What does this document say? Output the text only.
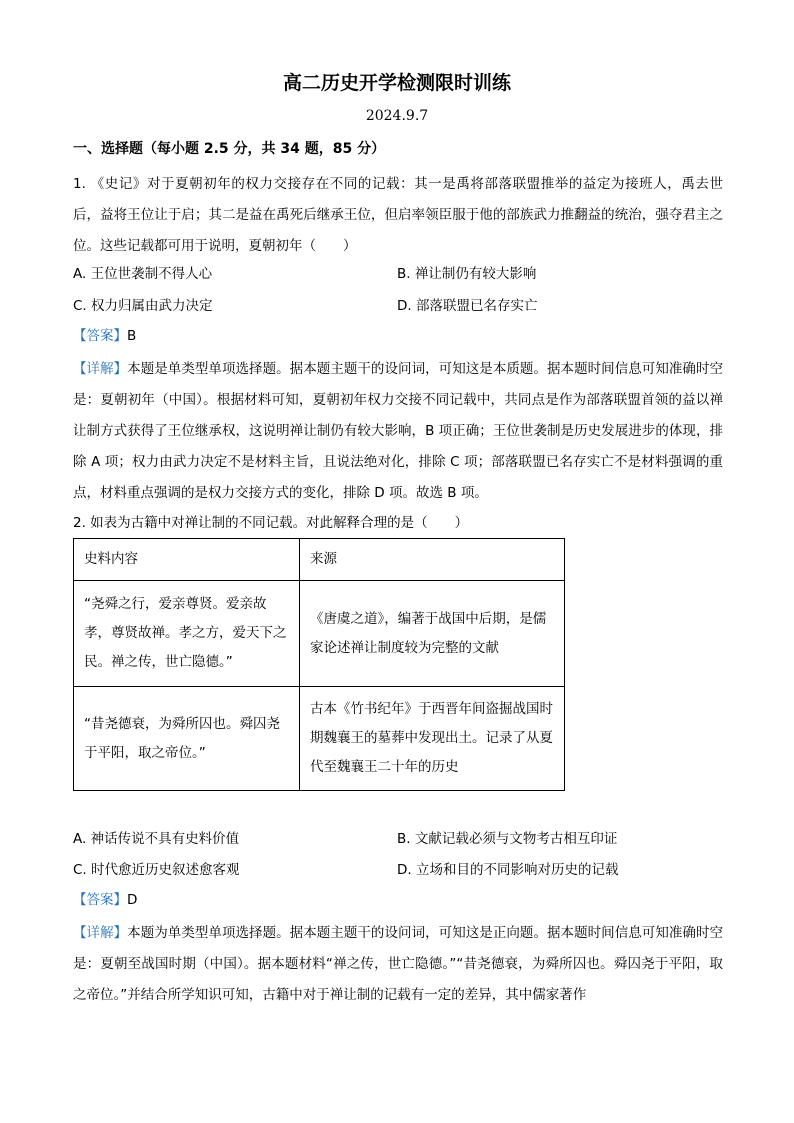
高二历史开学检测限时训练
2024.9.7
一、选择题（每小题 2.5 分，共 34 题，85 分）
1. 《史记》对于夏朝初年的权力交接存在不同的记载：其一是禹将部落联盟推举的益定为接班人，禹去世后，益将王位让于启；其二是益在禹死后继承王位，但启率领臣服于他的部族武力推翻益的统治，强夺君主之位。这些记载都可用于说明，夏朝初年（　　）
A. 王位世袭制不得人心	B. 禅让制仍有较大影响
C. 权力归属由武力决定	D. 部落联盟已名存实亡
【答案】B
【详解】本题是单类型单项选择题。据本题主题干的设问词，可知这是本质题。据本题时间信息可知准确时空是：夏朝初年（中国）。根据材料可知，夏朝初年权力交接不同记载中，共同点是作为部落联盟首领的益以禅让制方式获得了王位继承权，这说明禅让制仍有较大影响，B 项正确；王位世袭制是历史发展进步的体现，排除 A 项；权力由武力决定不是材料主旨，且说法绝对化，排除 C 项；部落联盟已名存实亡不是材料强调的重点，材料重点强调的是权力交接方式的变化，排除 D 项。故选 B 项。
2. 如表为古籍中对禅让制的不同记载。对此解释合理的是（　　）
史料内容	来源
“尧舜之行，爱亲尊贤。爱亲故孝，尊贤故禅。孝之方，爱天下之民。禅之传，世亡隐德。”	《唐虞之道》，编著于战国中后期，是儒家论述禅让制度较为完整的文献
“昔尧德衰，为舜所囚也。舜囚尧于平阳，取之帝位。”	古本《竹书纪年》于西晋年间盗掘战国时期魏襄王的墓葬中发现出土。记录了从夏代至魏襄王二十年的历史
A. 神话传说不具有史料价值	B. 文献记载必须与文物考古相互印证
C. 时代愈近历史叙述愈客观	D. 立场和目的不同影响对历史的记载
【答案】D
【详解】本题为单类型单项选择题。据本题主题干的设问词，可知这是正向题。据本题时间信息可知准确时空是：夏朝至战国时期（中国）。据本题材料“禅之传，世亡隐德。”“昔尧德衰，为舜所囚也。舜囚尧于平阳，取之帝位。”并结合所学知识可知，古籍中对于禅让制的记载有一定的差异，其中儒家著作
